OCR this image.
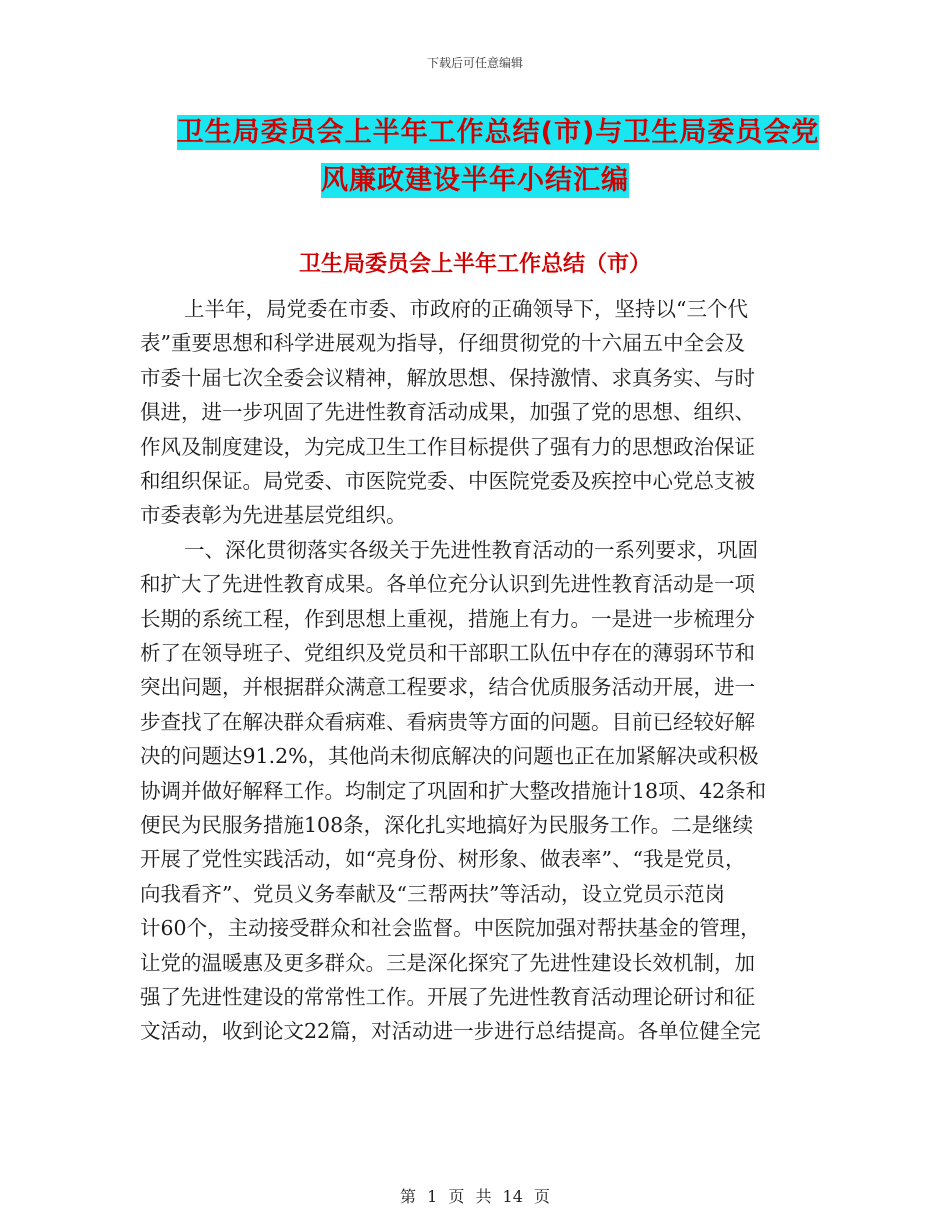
下载后可任意编辑
卫生局委员会上半年工作总结(市)与卫生局委员会党
风廉政建设半年小结汇编
卫生局委员会上半年工作总结（市）
上半年，局党委在市委、市政府的正确领导下，坚持以“三个代
表”重要思想和科学进展观为指导，仔细贯彻党的十六届五中全会及
市委十届七次全委会议精神，解放思想、保持激情、求真务实、与时
俱进，进一步巩固了先进性教育活动成果，加强了党的思想、组织、
作风及制度建设，为完成卫生工作目标提供了强有力的思想政治保证
和组织保证。局党委、市医院党委、中医院党委及疾控中心党总支被
市委表彰为先进基层党组织。
一、深化贯彻落实各级关于先进性教育活动的一系列要求，巩固
和扩大了先进性教育成果。各单位充分认识到先进性教育活动是一项
长期的系统工程，作到思想上重视，措施上有力。一是进一步梳理分
析了在领导班子、党组织及党员和干部职工队伍中存在的薄弱环节和
突出问题，并根据群众满意工程要求，结合优质服务活动开展，进一
步查找了在解决群众看病难、看病贵等方面的问题。目前已经较好解
决的问题达91.2%，其他尚未彻底解决的问题也正在加紧解决或积极
协调并做好解释工作。均制定了巩固和扩大整改措施计18项、42条和
便民为民服务措施108条，深化扎实地搞好为民服务工作。二是继续
开展了党性实践活动，如“亮身份、树形象、做表率”、“我是党员，
向我看齐”、党员义务奉献及“三帮两扶”等活动，设立党员示范岗
计60个，主动接受群众和社会监督。中医院加强对帮扶基金的管理，
让党的温暖惠及更多群众。三是深化探究了先进性建设长效机制，加
强了先进性建设的常常性工作。开展了先进性教育活动理论研讨和征
文活动，收到论文22篇，对活动进一步进行总结提高。各单位健全完
第 1 页 共 14 页
